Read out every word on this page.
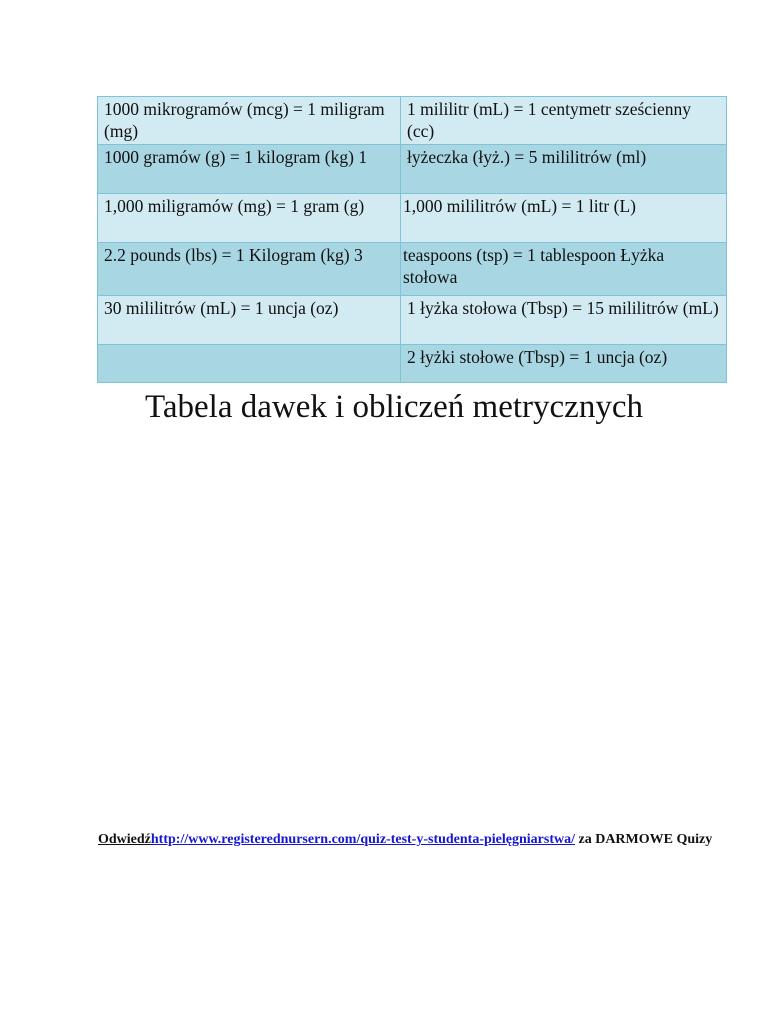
1000 mikrogramów (mcg) = 1 miligram (mg)	1 mililitr (mL) = 1 centymetr sześcienny (cc)
1000 gramów (g) = 1 kilogram (kg) 1	łyżeczka (łyż.) = 5 mililitrów (ml)
1,000 miligramów (mg) = 1 gram (g)	1,000 mililitrów (mL) = 1 litr (L)
2.2 pounds (lbs) = 1 Kilogram (kg) 3	teaspoons (tsp) = 1 tablespoon Łyżka stołowa
30 mililitrów (mL) = 1 uncja (oz)	1 łyżka stołowa (Tbsp) = 15 mililitrów (mL)
	2 łyżki stołowe (Tbsp) = 1 uncja (oz)
Tabela dawek i obliczeń metrycznych
Odwiedźhttp://www.registerednursern.com/quiz-test-y-studenta-pielęgniarstwa/ za DARMOWE Quizy
